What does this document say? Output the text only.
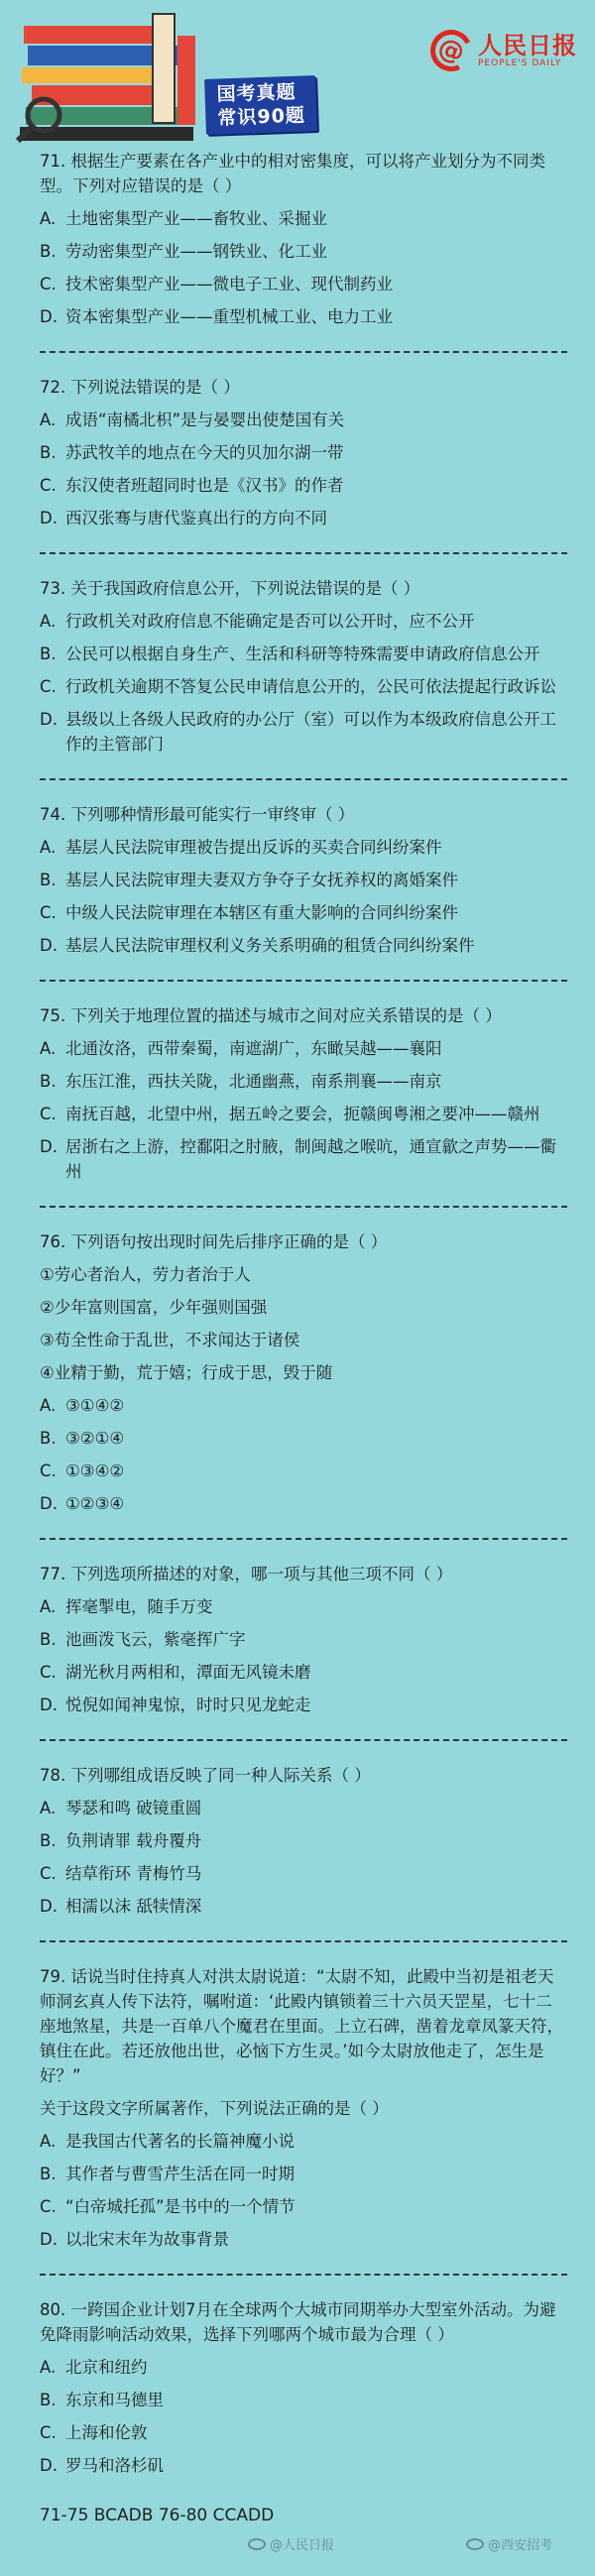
国考真题
常识90题
@ 人民日报
PEOPLE'S DAILY
71. 根据生产要素在各产业中的相对密集度，可以将产业划分为不同类型。下列对应错误的是（ ）
A. 土地密集型产业——畜牧业、采掘业
B. 劳动密集型产业——钢铁业、化工业
C. 技术密集型产业——微电子工业、现代制药业
D. 资本密集型产业——重型机械工业、电力工业
72. 下列说法错误的是（ ）
A. 成语“南橘北枳”是与晏婴出使楚国有关
B. 苏武牧羊的地点在今天的贝加尔湖一带
C. 东汉使者班超同时也是《汉书》的作者
D. 西汉张骞与唐代鉴真出行的方向不同
73. 关于我国政府信息公开，下列说法错误的是（ ）
A. 行政机关对政府信息不能确定是否可以公开时，应不公开
B. 公民可以根据自身生产、生活和科研等特殊需要申请政府信息公开
C. 行政机关逾期不答复公民申请信息公开的，公民可依法提起行政诉讼
D. 县级以上各级人民政府的办公厅（室）可以作为本级政府信息公开工作的主管部门
74. 下列哪种情形最可能实行一审终审（ ）
A. 基层人民法院审理被告提出反诉的买卖合同纠纷案件
B. 基层人民法院审理夫妻双方争夺子女抚养权的离婚案件
C. 中级人民法院审理在本辖区有重大影响的合同纠纷案件
D. 基层人民法院审理权利义务关系明确的租赁合同纠纷案件
75. 下列关于地理位置的描述与城市之间对应关系错误的是（ ）
A. 北通汝洛，西带秦蜀，南遮湖广，东瞰吴越——襄阳
B. 东压江淮，西扶关陇，北通幽燕，南系荆襄——南京
C. 南抚百越，北望中州，据五岭之要会，扼赣闽粤湘之要冲——赣州
D. 居浙右之上游，控鄱阳之肘腋，制闽越之喉吭，通宣歙之声势——衢州
76. 下列语句按出现时间先后排序正确的是（ ）
①劳心者治人，劳力者治于人
②少年富则国富，少年强则国强
③苟全性命于乱世，不求闻达于诸侯
④业精于勤，荒于嬉；行成于思，毁于随
A. ③①④②
B. ③②①④
C. ①③④②
D. ①②③④
77. 下列选项所描述的对象，哪一项与其他三项不同（ ）
A. 挥毫掣电，随手万变
B. 池画泼飞云，紫毫挥广字
C. 湖光秋月两相和，潭面无风镜未磨
D. 悦倪如闻神鬼惊，时时只见龙蛇走
78. 下列哪组成语反映了同一种人际关系（ ）
A. 琴瑟和鸣 破镜重圆
B. 负荆请罪 载舟覆舟
C. 结草衔环 青梅竹马
D. 相濡以沫 舐犊情深
79. 话说当时住持真人对洪太尉说道：“太尉不知，此殿中当初是祖老天师洞玄真人传下法符，嘱咐道：‘此殿内镇锁着三十六员天罡星，七十二座地煞星，共是一百单八个魔君在里面。上立石碑，凿着龙章凤篆天符，镇住在此。若还放他出世，必恼下方生灵。’如今太尉放他走了，怎生是好？”
关于这段文字所属著作，下列说法正确的是（ ）
A. 是我国古代著名的长篇神魔小说
B. 其作者与曹雪芹生活在同一时期
C. “白帝城托孤”是书中的一个情节
D. 以北宋末年为故事背景
80. 一跨国企业计划7月在全球两个大城市同期举办大型室外活动。为避免降雨影响活动效果，选择下列哪两个城市最为合理（ ）
A. 北京和纽约
B. 东京和马德里
C. 上海和伦敦
D. 罗马和洛杉矶
71-75 BCADB 76-80 CCADD
@人民日报	@西安招考
